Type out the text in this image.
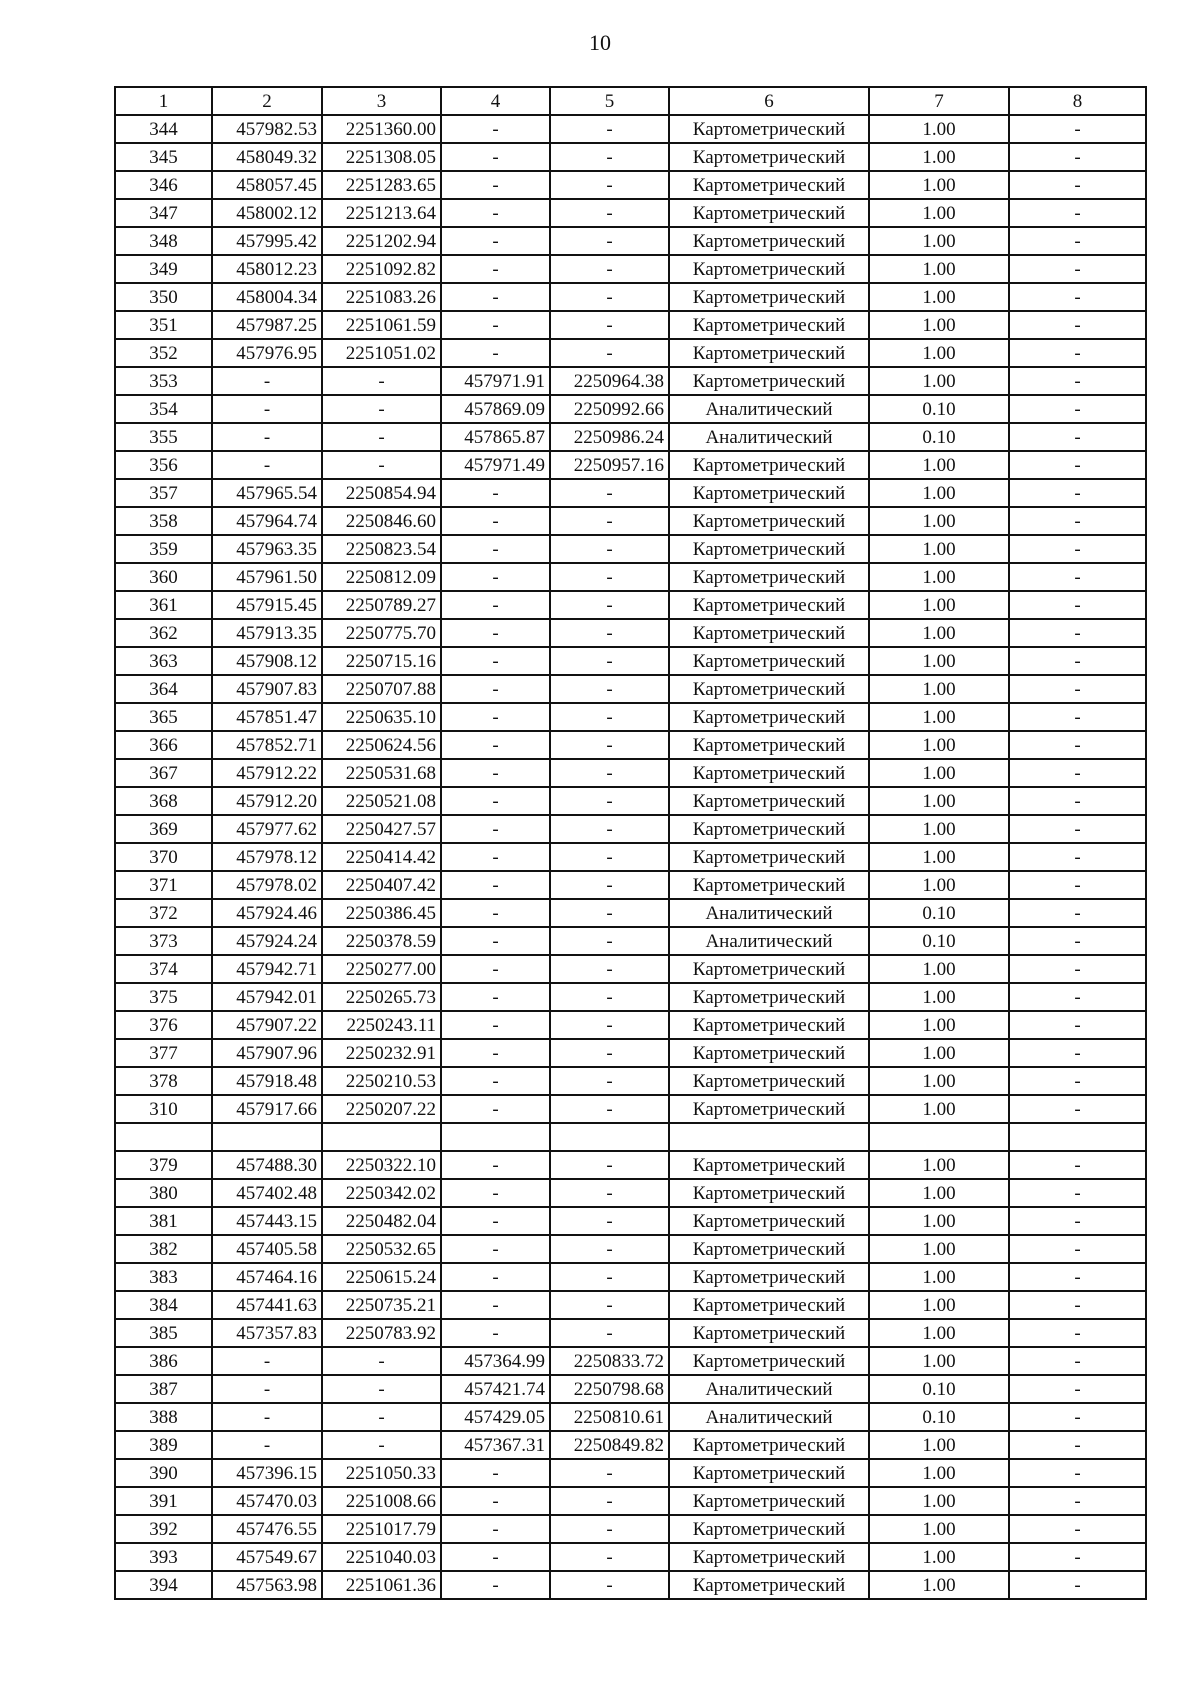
10
1	2	3	4	5	6	7	8
344	457982.53	2251360.00	-	-	Картометрический	1.00	-
345	458049.32	2251308.05	-	-	Картометрический	1.00	-
346	458057.45	2251283.65	-	-	Картометрический	1.00	-
347	458002.12	2251213.64	-	-	Картометрический	1.00	-
348	457995.42	2251202.94	-	-	Картометрический	1.00	-
349	458012.23	2251092.82	-	-	Картометрический	1.00	-
350	458004.34	2251083.26	-	-	Картометрический	1.00	-
351	457987.25	2251061.59	-	-	Картометрический	1.00	-
352	457976.95	2251051.02	-	-	Картометрический	1.00	-
353	-	-	457971.91	2250964.38	Картометрический	1.00	-
354	-	-	457869.09	2250992.66	Аналитический	0.10	-
355	-	-	457865.87	2250986.24	Аналитический	0.10	-
356	-	-	457971.49	2250957.16	Картометрический	1.00	-
357	457965.54	2250854.94	-	-	Картометрический	1.00	-
358	457964.74	2250846.60	-	-	Картометрический	1.00	-
359	457963.35	2250823.54	-	-	Картометрический	1.00	-
360	457961.50	2250812.09	-	-	Картометрический	1.00	-
361	457915.45	2250789.27	-	-	Картометрический	1.00	-
362	457913.35	2250775.70	-	-	Картометрический	1.00	-
363	457908.12	2250715.16	-	-	Картометрический	1.00	-
364	457907.83	2250707.88	-	-	Картометрический	1.00	-
365	457851.47	2250635.10	-	-	Картометрический	1.00	-
366	457852.71	2250624.56	-	-	Картометрический	1.00	-
367	457912.22	2250531.68	-	-	Картометрический	1.00	-
368	457912.20	2250521.08	-	-	Картометрический	1.00	-
369	457977.62	2250427.57	-	-	Картометрический	1.00	-
370	457978.12	2250414.42	-	-	Картометрический	1.00	-
371	457978.02	2250407.42	-	-	Картометрический	1.00	-
372	457924.46	2250386.45	-	-	Аналитический	0.10	-
373	457924.24	2250378.59	-	-	Аналитический	0.10	-
374	457942.71	2250277.00	-	-	Картометрический	1.00	-
375	457942.01	2250265.73	-	-	Картометрический	1.00	-
376	457907.22	2250243.11	-	-	Картометрический	1.00	-
377	457907.96	2250232.91	-	-	Картометрический	1.00	-
378	457918.48	2250210.53	-	-	Картометрический	1.00	-
310	457917.66	2250207.22	-	-	Картометрический	1.00	-

379	457488.30	2250322.10	-	-	Картометрический	1.00	-
380	457402.48	2250342.02	-	-	Картометрический	1.00	-
381	457443.15	2250482.04	-	-	Картометрический	1.00	-
382	457405.58	2250532.65	-	-	Картометрический	1.00	-
383	457464.16	2250615.24	-	-	Картометрический	1.00	-
384	457441.63	2250735.21	-	-	Картометрический	1.00	-
385	457357.83	2250783.92	-	-	Картометрический	1.00	-
386	-	-	457364.99	2250833.72	Картометрический	1.00	-
387	-	-	457421.74	2250798.68	Аналитический	0.10	-
388	-	-	457429.05	2250810.61	Аналитический	0.10	-
389	-	-	457367.31	2250849.82	Картометрический	1.00	-
390	457396.15	2251050.33	-	-	Картометрический	1.00	-
391	457470.03	2251008.66	-	-	Картометрический	1.00	-
392	457476.55	2251017.79	-	-	Картометрический	1.00	-
393	457549.67	2251040.03	-	-	Картометрический	1.00	-
394	457563.98	2251061.36	-	-	Картометрический	1.00	-
